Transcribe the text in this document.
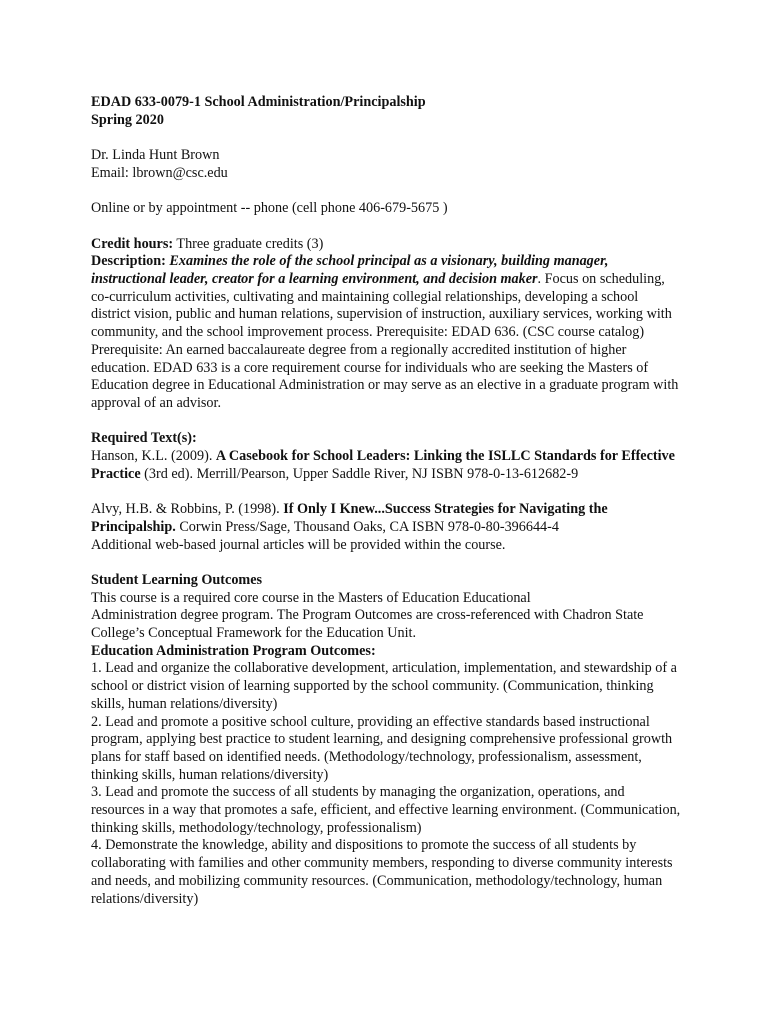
EDAD 633-0079-1 School Administration/Principalship

Spring 2020

Dr. Linda Hunt Brown

Email: lbrown@csc.edu

Online or by appointment -- phone (cell phone 406-679-5675 )

Credit hours: Three graduate credits (3)

Description: Examines the role of the school principal as a visionary, building manager, instructional leader, creator for a learning environment, and decision maker. Focus on scheduling, co-curriculum activities, cultivating and maintaining collegial relationships, developing a school district vision, public and human relations, supervision of instruction, auxiliary services, working with community, and the school improvement process. Prerequisite: EDAD 636. (CSC course catalog) Prerequisite: An earned baccalaureate degree from a regionally accredited institution of higher education. EDAD 633 is a core requirement course for individuals who are seeking the Masters of Education degree in Educational Administration or may serve as an elective in a graduate program with approval of an advisor.

Required Text(s):

Hanson, K.L. (2009). A Casebook for School Leaders: Linking the ISLLC Standards for Effective Practice (3rd ed). Merrill/Pearson, Upper Saddle River, NJ ISBN 978-0-13-612682-9

Alvy, H.B. & Robbins, P. (1998). If Only I Knew...Success Strategies for Navigating the Principalship. Corwin Press/Sage, Thousand Oaks, CA ISBN 978-0-80-396644-4

Additional web-based journal articles will be provided within the course.

Student Learning Outcomes

This course is a required core course in the Masters of Education Educational

Administration degree program. The Program Outcomes are cross-referenced with Chadron State College’s Conceptual Framework for the Education Unit.

Education Administration Program Outcomes:

1. Lead and organize the collaborative development, articulation, implementation, and stewardship of a school or district vision of learning supported by the school community. (Communication, thinking skills, human relations/diversity)

2. Lead and promote a positive school culture, providing an effective standards based instructional program, applying best practice to student learning, and designing comprehensive professional growth plans for staff based on identified needs. (Methodology/technology, professionalism, assessment, thinking skills, human relations/diversity)

3. Lead and promote the success of all students by managing the organization, operations, and resources in a way that promotes a safe, efficient, and effective learning environment. (Communication, thinking skills, methodology/technology, professionalism)

4. Demonstrate the knowledge, ability and dispositions to promote the success of all students by collaborating with families and other community members, responding to diverse community interests and needs, and mobilizing community resources. (Communication, methodology/technology, human relations/diversity)
